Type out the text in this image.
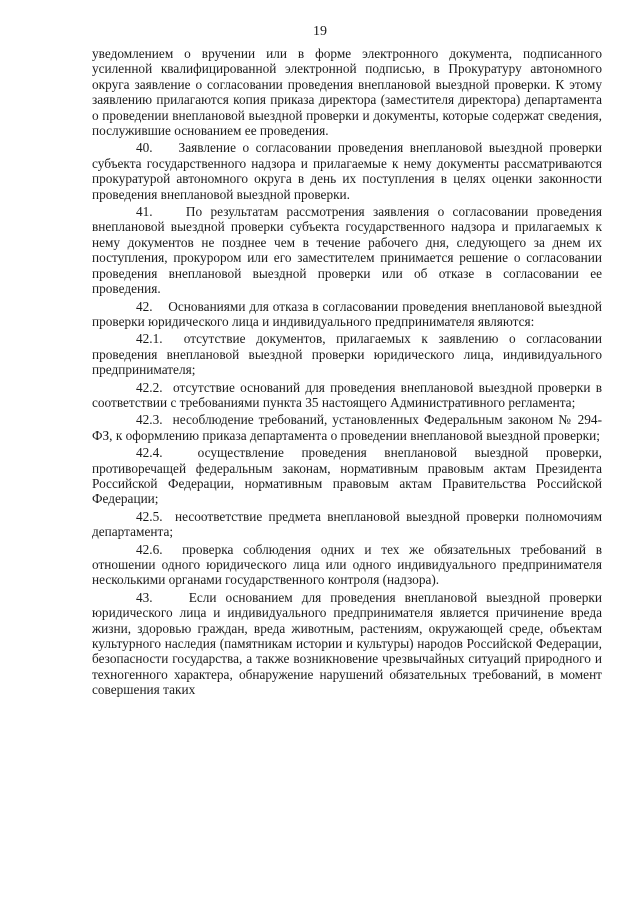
19

уведомлением о вручении или в форме электронного документа, подписанного усиленной квалифицированной электронной подписью, в Прокуратуру автономного округа заявление о согласовании проведения внеплановой выездной проверки. К этому заявлению прилагаются копия приказа директора (заместителя директора) департамента о проведении внеплановой выездной проверки и документы, которые содержат сведения, послужившие основанием ее проведения.

40.    Заявление о согласовании проведения внеплановой выездной проверки субъекта государственного надзора и прилагаемые к нему документы рассматриваются прокуратурой автономного округа в день их поступления в целях оценки законности проведения внеплановой выездной проверки.

41.    По результатам рассмотрения заявления о согласовании проведения внеплановой выездной проверки субъекта государственного надзора и прилагаемых к нему документов не позднее чем в течение рабочего дня, следующего за днем их поступления, прокурором или его заместителем принимается решение о согласовании проведения внеплановой выездной проверки или об отказе в согласовании ее проведения.

42.    Основаниями для отказа в согласовании проведения внеплановой выездной проверки юридического лица и индивидуального предпринимателя являются:

42.1.  отсутствие документов, прилагаемых к заявлению о согласовании проведения внеплановой выездной проверки юридического лица, индивидуального предпринимателя;

42.2.  отсутствие оснований для проведения внеплановой выездной проверки в соответствии с требованиями пункта 35 настоящего Административного регламента;

42.3.  несоблюдение требований, установленных Федеральным законом № 294-ФЗ, к оформлению приказа департамента о проведении внеплановой выездной проверки;

42.4.  осуществление проведения внеплановой выездной проверки, противоречащей федеральным законам, нормативным правовым актам Президента Российской Федерации, нормативным правовым актам Правительства Российской Федерации;

42.5.  несоответствие предмета внеплановой выездной проверки полномочиям департамента;

42.6.  проверка соблюдения одних и тех же обязательных требований в отношении одного юридического лица или одного индивидуального предпринимателя несколькими органами государственного контроля (надзора).

43.    Если основанием для проведения внеплановой выездной проверки юридического лица и индивидуального предпринимателя является причинение вреда жизни, здоровью граждан, вреда животным, растениям, окружающей среде, объектам культурного наследия (памятникам истории и культуры) народов Российской Федерации, безопасности государства, а также возникновение чрезвычайных ситуаций природного и техногенного характера, обнаружение нарушений обязательных требований, в момент совершения таких
